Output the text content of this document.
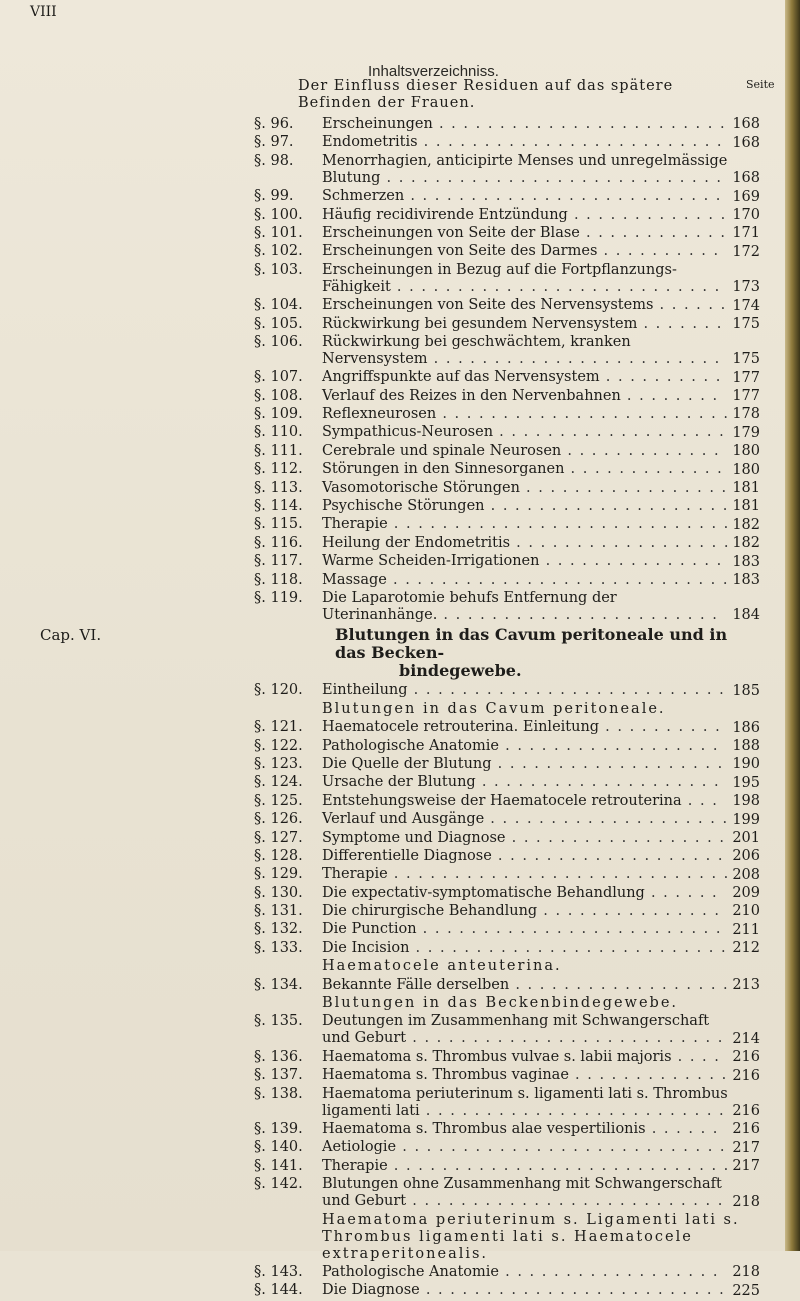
VIII
Inhaltsverzeichniss.
Seite
Der Einfluss dieser Residuen auf das spätere Befinden der Frauen.
§. 96.	Erscheinungen . . . . . . . . . . . . . . . . . . . . . . . . 168
§. 97.	Endometritis . . . . . . . . . . . . . . . . . . . . . . . . . 168
§. 98.	Menorrhagien, anticipirte Menses und unregelmässige Blutung . . . . . . . . . . . . . . . . . . . . . . . . . . . . 168
§. 99.	Schmerzen . . . . . . . . . . . . . . . . . . . . . . . . . . 169
§. 100.	Häufig recidivirende Entzündung . . . . . . . . . . . . . 170
§. 101.	Erscheinungen von Seite der Blase . . . . . . . . . . . . 171
§. 102.	Erscheinungen von Seite des Darmes . . . . . . . . . . 172
§. 103.	Erscheinungen in Bezug auf die Fortpflanzungs-Fähigkeit . . . . . . . . . . . . . . . . . . . . . . . . . . . 173
§. 104.	Erscheinungen von Seite des Nervensystems . . . . . . 174
§. 105.	Rückwirkung bei gesundem Nervensystem . . . . . . . 175
§. 106.	Rückwirkung bei geschwächtem, kranken Nervensystem . . . . . . . . . . . . . . . . . . . . . . . . 175
§. 107.	Angriffspunkte auf das Nervensystem . . . . . . . . . . 177
§. 108.	Verlauf des Reizes in den Nervenbahnen . . . . . . . . 177
§. 109.	Reflexneurosen . . . . . . . . . . . . . . . . . . . . . . . . 178
§. 110.	Sympathicus-Neurosen . . . . . . . . . . . . . . . . . . . 179
§. 111.	Cerebrale und spinale Neurosen . . . . . . . . . . . . . 180
§. 112.	Störungen in den Sinnesorganen . . . . . . . . . . . . . 180
§. 113.	Vasomotorische Störungen . . . . . . . . . . . . . . . . . 181
§. 114.	Psychische Störungen . . . . . . . . . . . . . . . . . . . . 181
§. 115.	Therapie . . . . . . . . . . . . . . . . . . . . . . . . . . . . 182
§. 116.	Heilung der Endometritis . . . . . . . . . . . . . . . . . . 182
§. 117.	Warme Scheiden-Irrigationen . . . . . . . . . . . . . . . 183
§. 118.	Massage . . . . . . . . . . . . . . . . . . . . . . . . . . . . 183
§. 119.	Die Laparotomie behufs Entfernung der Uterinanhänge. . . . . . . . . . . . . . . . . . . . . . . . 184
Cap. VI.	Blutungen in das Cavum peritoneale und in das Becken-
bindegewebe.
§. 120.	Eintheilung . . . . . . . . . . . . . . . . . . . . . . . . . . 185
Blutungen in das Cavum peritoneale.
§. 121.	Haematocele retrouterina. Einleitung . . . . . . . . . . 186
§. 122.	Pathologische Anatomie . . . . . . . . . . . . . . . . . . 188
§. 123.	Die Quelle der Blutung . . . . . . . . . . . . . . . . . . . 190
§. 124.	Ursache der Blutung . . . . . . . . . . . . . . . . . . . . 195
§. 125.	Entstehungsweise der Haematocele retrouterina . . . 198
§. 126.	Verlauf und Ausgänge . . . . . . . . . . . . . . . . . . . . 199
§. 127.	Symptome und Diagnose . . . . . . . . . . . . . . . . . . 201
§. 128.	Differentielle Diagnose . . . . . . . . . . . . . . . . . . . 206
§. 129.	Therapie . . . . . . . . . . . . . . . . . . . . . . . . . . . . 208
§. 130.	Die expectativ-symptomatische Behandlung . . . . . . 209
§. 131.	Die chirurgische Behandlung . . . . . . . . . . . . . . . 210
§. 132.	Die Punction . . . . . . . . . . . . . . . . . . . . . . . . . 211
§. 133.	Die Incision . . . . . . . . . . . . . . . . . . . . . . . . . . 212
Haematocele anteuterina.
§. 134.	Bekannte Fälle derselben . . . . . . . . . . . . . . . . . . 213
Blutungen in das Beckenbindegewebe.
§. 135.	Deutungen im Zusammenhang mit Schwangerschaft und Geburt . . . . . . . . . . . . . . . . . . . . . . . . . . 214
§. 136.	Haematoma s. Thrombus vulvae s. labii majoris . . . . 216
§. 137.	Haematoma s. Thrombus vaginae . . . . . . . . . . . . . 216
§. 138.	Haematoma periuterinum s. ligamenti lati s. Thrombus ligamenti lati . . . . . . . . . . . . . . . . . . . . . . . . . 216
§. 139.	Haematoma s. Thrombus alae vespertilionis . . . . . . 216
§. 140.	Aetiologie . . . . . . . . . . . . . . . . . . . . . . . . . . . 217
§. 141.	Therapie . . . . . . . . . . . . . . . . . . . . . . . . . . . . 217
§. 142.	Blutungen ohne Zusammenhang mit Schwangerschaft und Geburt . . . . . . . . . . . . . . . . . . . . . . . . . . 218
Haematoma periuterinum s. Ligamenti lati s. Thrombus ligamenti lati s. Haematocele extraperitonealis.
§. 143.	Pathologische Anatomie . . . . . . . . . . . . . . . . . . 218
§. 144.	Die Diagnose . . . . . . . . . . . . . . . . . . . . . . . . . 225
